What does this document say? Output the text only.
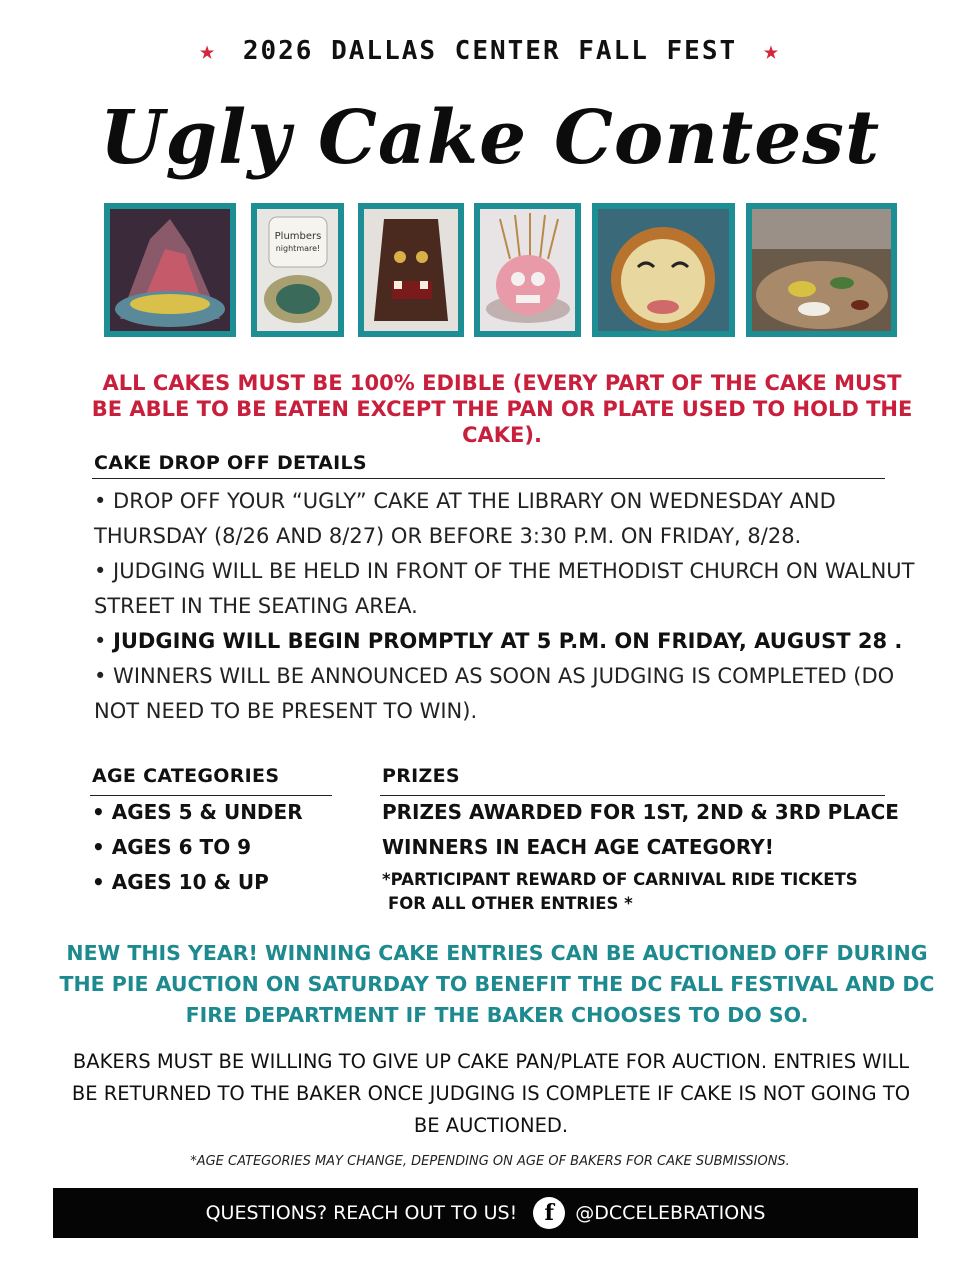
★ 2026 DALLAS CENTER FALL FEST ★
Ugly Cake Contest
Plumbers
nightmare!
ALL CAKES MUST BE 100% EDIBLE (EVERY PART OF THE CAKE MUST BE ABLE TO BE EATEN EXCEPT THE PAN OR PLATE USED TO HOLD THE CAKE).
CAKE DROP OFF DETAILS
• DROP OFF YOUR “UGLY” CAKE AT THE LIBRARY ON WEDNESDAY AND THURSDAY (8/26 AND 8/27) OR BEFORE 3:30 P.M. ON FRIDAY, 8/28.
• JUDGING WILL BE HELD IN FRONT OF THE METHODIST CHURCH ON WALNUT STREET IN THE SEATING AREA.
• JUDGING WILL BEGIN PROMPTLY AT 5 P.M. ON FRIDAY, AUGUST 28 .
• WINNERS WILL BE ANNOUNCED AS SOON AS JUDGING IS COMPLETED (DO NOT NEED TO BE PRESENT TO WIN).
AGE CATEGORIES
• AGES 5 & UNDER
• AGES 6 TO 9
• AGES 10 & UP
PRIZES
PRIZES AWARDED FOR 1ST, 2ND & 3RD PLACE
WINNERS IN EACH AGE CATEGORY!
*PARTICIPANT REWARD OF CARNIVAL RIDE TICKETS
FOR ALL OTHER ENTRIES *
NEW THIS YEAR! WINNING CAKE ENTRIES CAN BE AUCTIONED OFF DURING THE PIE AUCTION ON SATURDAY TO BENEFIT THE DC FALL FESTIVAL AND DC FIRE DEPARTMENT IF THE BAKER CHOOSES TO DO SO.
BAKERS MUST BE WILLING TO GIVE UP CAKE PAN/PLATE FOR AUCTION. ENTRIES WILL BE RETURNED TO THE BAKER ONCE JUDGING IS COMPLETE IF CAKE IS NOT GOING TO BE AUCTIONED.
*AGE CATEGORIES MAY CHANGE, DEPENDING ON AGE OF BAKERS FOR CAKE SUBMISSIONS.
QUESTIONS? REACH OUT TO US!	f	@DCCELEBRATIONS
